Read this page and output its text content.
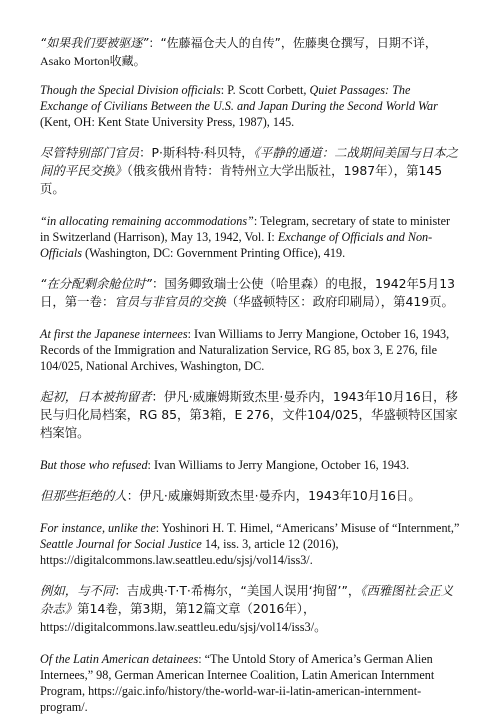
“如果我们要被驱逐”：“佐藤福仓夫人的自传”，佐藤奥仓撰写，日期不详，
Asako Morton收藏。

Though the Special Division officials: P. Scott Corbett, Quiet Passages: The Exchange of Civilians Between the U.S. and Japan During the Second World War (Kent, OH: Kent State University Press, 1987), 145.

尽管特别部门官员：P·斯科特·科贝特，《平静的通道：二战期间美国与日本之间的平民交换》（俄亥俄州肯特：肯特州立大学出版社，1987年），第145页。

“in allocating remaining accommodations”: Telegram, secretary of state to minister in Switzerland (Harrison), May 13, 1942, Vol. I: Exchange of Officials and Non-Officials (Washington, DC: Government Printing Office), 419.

“在分配剩余舱位时”：国务卿致瑞士公使（哈里森）的电报，1942年5月13日，第一卷：官员与非官员的交换（华盛顿特区：政府印刷局），第419页。

At first the Japanese internees: Ivan Williams to Jerry Mangione, October 16, 1943, Records of the Immigration and Naturalization Service, RG 85, box 3, E 276, file 104/025, National Archives, Washington, DC.

起初，日本被拘留者：伊凡·威廉姆斯致杰里·曼乔内，1943年10月16日，移民与归化局档案，RG 85，第3箱，E 276，文件104/025，华盛顿特区国家档案馆。

But those who refused: Ivan Williams to Jerry Mangione, October 16, 1943.

但那些拒绝的人：伊凡·威廉姆斯致杰里·曼乔内，1943年10月16日。

For instance, unlike the: Yoshinori H. T. Himel, “Americans’ Misuse of “Internment,” Seattle Journal for Social Justice 14, iss. 3, article 12 (2016), https://digitalcommons.law.seattleu.edu/sjsj/vol14/iss3/.

例如，与不同：吉成典·T·T·希梅尔，“美国人误用‘拘留’”，《西雅图社会正义杂志》第14卷，第3期，第12篇文章（2016年），
https://digitalcommons.law.seattleu.edu/sjsj/vol14/iss3/。

Of the Latin American detainees: “The Untold Story of America’s German Alien Internees,” 98, German American Internee Coalition, Latin American Internment Program, https://gaic.info/history/the-world-war-ii-latin-american-internment-program/.
